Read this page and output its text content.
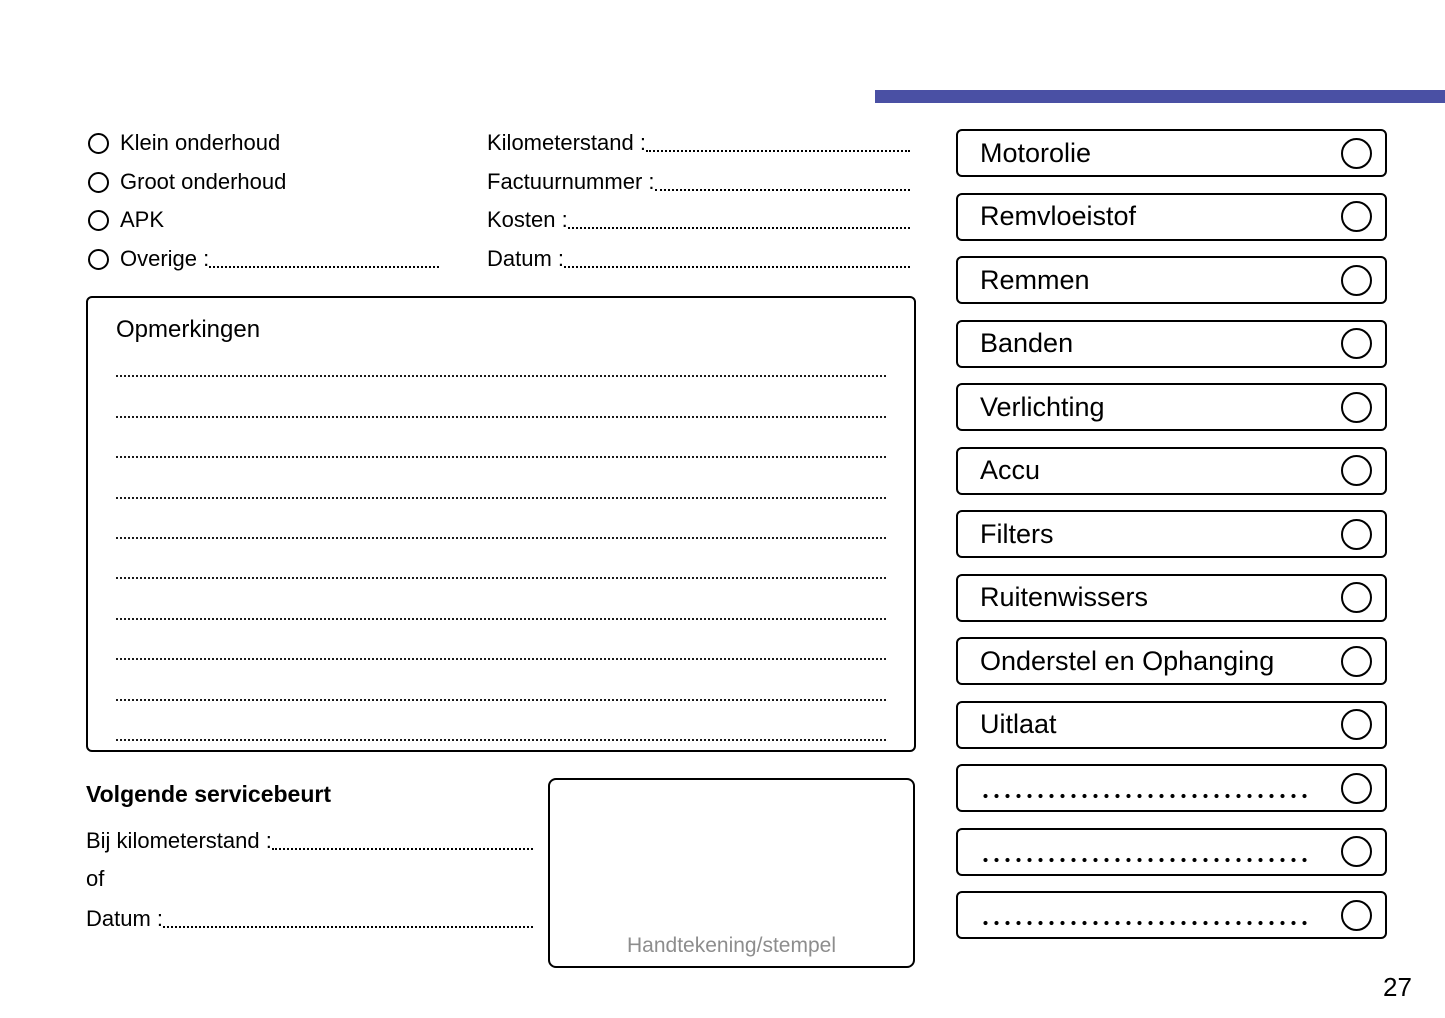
Klein onderhoud
Groot onderhoud
APK
Overige :
Kilometerstand :
Factuurnummer :
Kosten :
Datum :
Opmerkingen
Volgende servicebeurt
Bij kilometerstand :
of
Datum :
Handtekening/stempel
Motorolie
Remvloeistof
Remmen
Banden
Verlichting
Accu
Filters
Ruitenwissers
Onderstel en Ophanging
Uitlaat
27
